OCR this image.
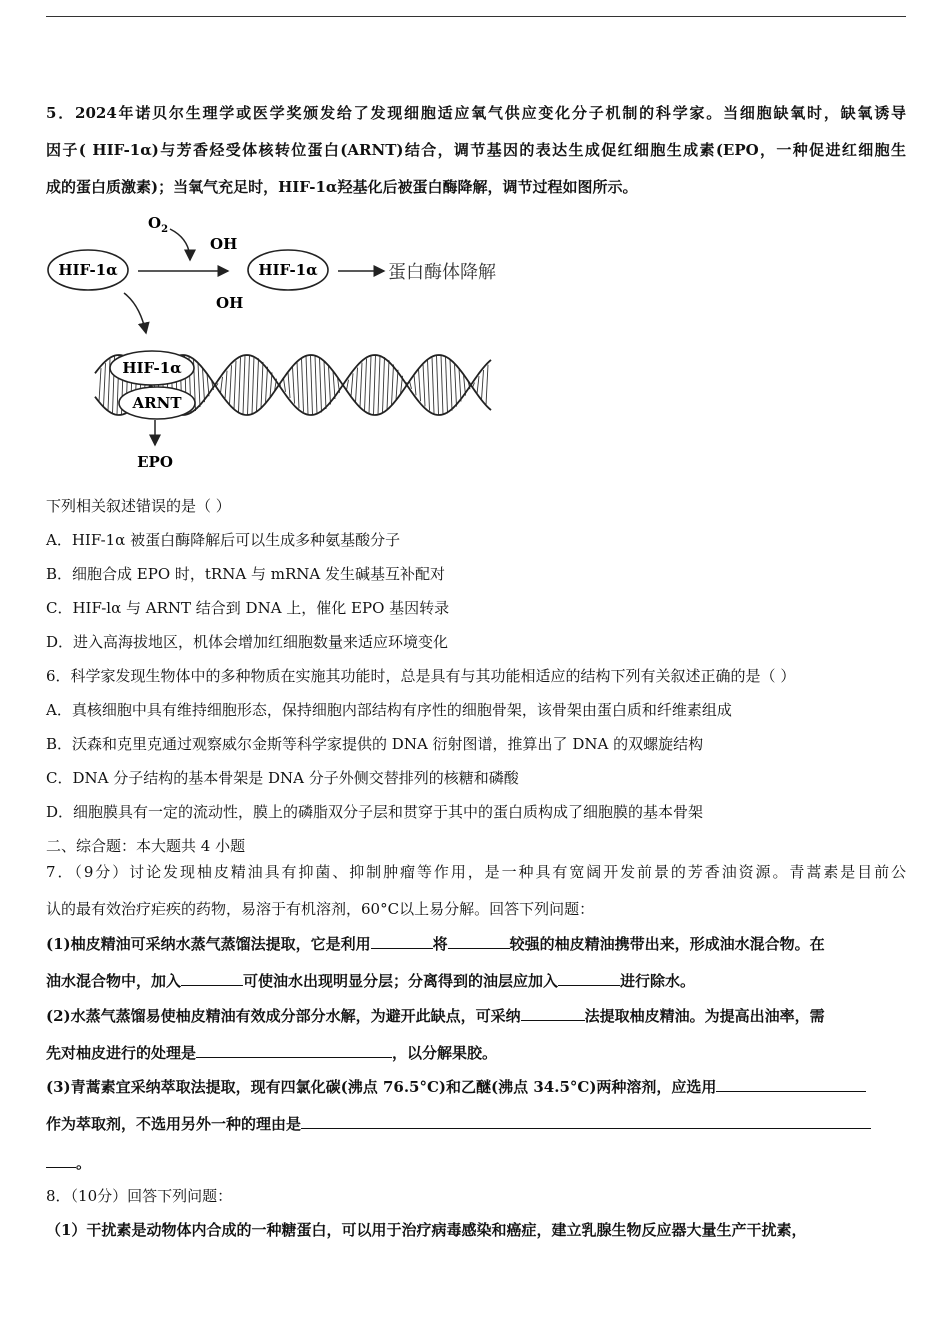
5．2024年诺贝尔生理学或医学奖颁发给了发现细胞适应氧气供应变化分子机制的科学家。当细胞缺氧时，缺氧诱导
因子( HIF-1α)与芳香烃受体核转位蛋白(ARNT)结合，调节基因的表达生成促红细胞生成素(EPO，一种促进红细胞生
成的蛋白质激素)；当氧气充足时，HIF-1α羟基化后被蛋白酶降解，调节过程如图所示。
$O_2$
HIF-1α
OH
HIF-1α
OH
蛋白酶体降解
HIF-1α
ARNT
EPO
下列相关叙述错误的是（ ）
A．HIF-1α 被蛋白酶降解后可以生成多种氨基酸分子
B．细胞合成 EPO 时，tRNA 与 mRNA 发生碱基互补配对
C．HIF-lα 与 ARNT 结合到 DNA 上，催化 EPO 基因转录
D．进入高海拔地区，机体会增加红细胞数量来适应环境变化
6．科学家发现生物体中的多种物质在实施其功能时，总是具有与其功能相适应的结构下列有关叙述正确的是（ ）
A．真核细胞中具有维持细胞形态，保持细胞内部结构有序性的细胞骨架，该骨架由蛋白质和纤维素组成
B．沃森和克里克通过观察威尔金斯等科学家提供的 DNA 衍射图谱，推算出了 DNA 的双螺旋结构
C．DNA 分子结构的基本骨架是 DNA 分子外侧交替排列的核糖和磷酸
D．细胞膜具有一定的流动性，膜上的磷脂双分子层和贯穿于其中的蛋白质构成了细胞膜的基本骨架
二、综合题：本大题共 4 小题
7．（9分）讨论发现柚皮精油具有抑菌、抑制肿瘤等作用，是一种具有宽阔开发前景的芳香油资源。青蒿素是目前公
认的最有效治疗疟疾的药物，易溶于有机溶剂，60°C以上易分解。回答下列问题：
(1)柚皮精油可采纳水蒸气蒸馏法提取，它是利用	将	较强的柚皮精油携带出来，形成油水混合物。在
油水混合物中，加入	可使油水出现明显分层；分离得到的油层应加入	进行除水。
(2)水蒸气蒸馏易使柚皮精油有效成分部分水解，为避开此缺点，可采纳	法提取柚皮精油。为提高出油率，需
先对柚皮进行的处理是	，以分解果胶。
(3)青蒿素宜采纳萃取法提取，现有四氯化碳(沸点 76.5°C)和乙醚(沸点 34.5°C)两种溶剂，应选用
作为萃取剂，不选用另外一种的理由是
。
8．（10分）回答下列问题：
（1）干扰素是动物体内合成的一种糖蛋白，可以用于治疗病毒感染和癌症，建立乳腺生物反应器大量生产干扰素，
